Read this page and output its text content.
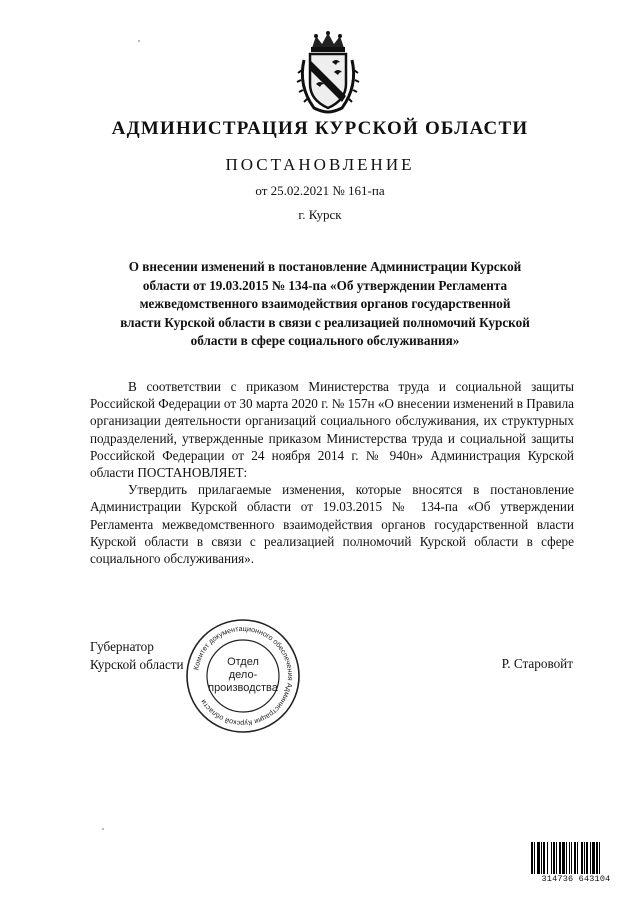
АДМИНИСТРАЦИЯ КУРСКОЙ ОБЛАСТИ
ПОСТАНОВЛЕНИЕ
от 25.02.2021 № 161-па
г. Курск
О внесении изменений в постановление Администрации Курской
области от 19.03.2015 № 134-па «Об утверждении Регламента
межведомственного взаимодействия органов государственной
власти Курской области в связи с реализацией полномочий Курской
области в сфере социального обслуживания»

В соответствии с приказом Министерства труда и социальной защиты Российской Федерации от 30 марта 2020 г. № 157н «О внесении изменений в Правила организации деятельности организаций социального обслуживания, их структурных подразделений, утвержденные приказом Министерства труда и социальной защиты Российской Федерации от 24 ноября 2014 г. № 940н» Администрация Курской области ПОСТАНОВЛЯЕТ:

Утвердить прилагаемые изменения, которые вносятся в постановление Администрации Курской области от 19.03.2015 № 134-па «Об утверждении Регламента межведомственного взаимодействия органов государственной власти Курской области в связи с реализацией полномочий Курской области в сфере социального обслуживания».

Губернатор
Курской области	Р. Старовойт
Комитет документационного обеспечения Администрации Курской области
Отдел
дело-
производства
314736 643104
